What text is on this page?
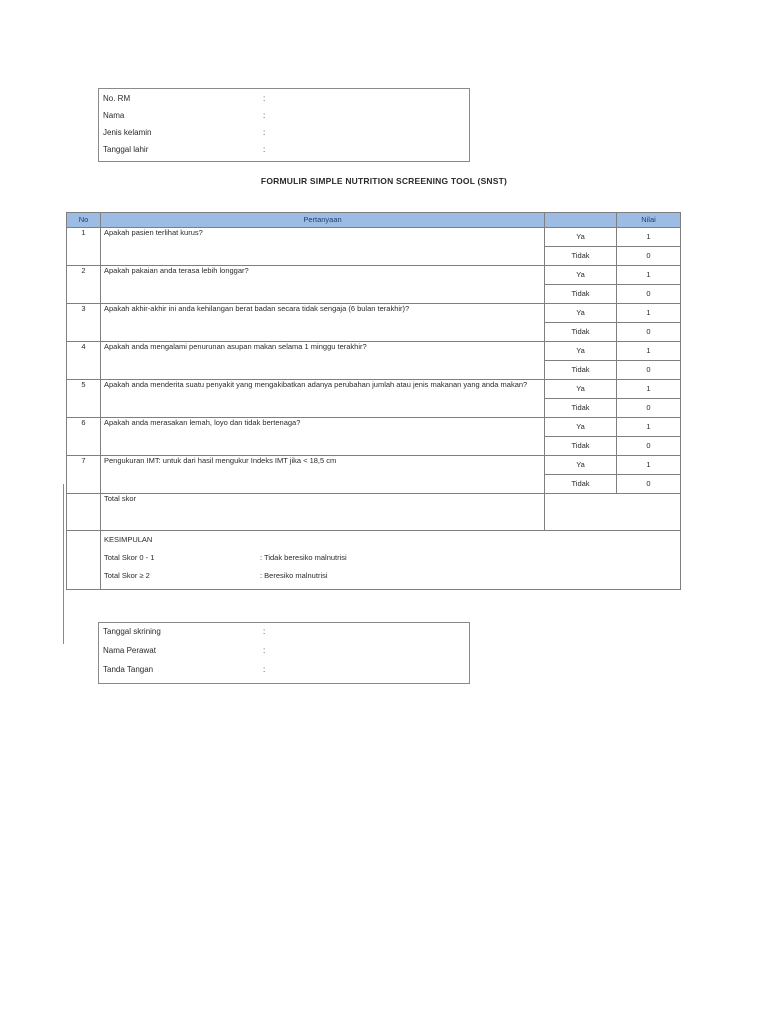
No. RM	:
Nama	:
Jenis kelamin	:
Tanggal lahir	:
FORMULIR SIMPLE NUTRITION SCREENING TOOL (SNST)
No	Pertanyaan		Nilai
1	Apakah pasien terlihat kurus?	Ya	1
		Tidak	0
2	Apakah pakaian anda terasa lebih longgar?	Ya	1
		Tidak	0
3	Apakah akhir-akhir ini anda kehilangan berat badan secara tidak sengaja (6 bulan terakhir)?	Ya	1
		Tidak	0
4	Apakah anda mengalami penurunan asupan makan selama 1 minggu terakhir?	Ya	1
		Tidak	0
5	Apakah anda menderita suatu penyakit yang mengakibatkan adanya perubahan jumlah atau jenis makanan yang anda makan?	Ya	1
		Tidak	0
6	Apakah anda merasakan lemah, loyo dan tidak bertenaga?	Ya	1
		Tidak	0
7	Pengukuran IMT: untuk dari hasil mengukur Indeks IMT jika < 18,5 cm	Ya	1
		Tidak	0
	Total skor		

	KESIMPULAN
Total Skor 0 - 1 : Tidak beresiko malnutrisi
Total Skor ≥ 2 : Beresiko malnutrisi		
Tanggal skrining	:
Nama Perawat	:
Tanda Tangan	:
